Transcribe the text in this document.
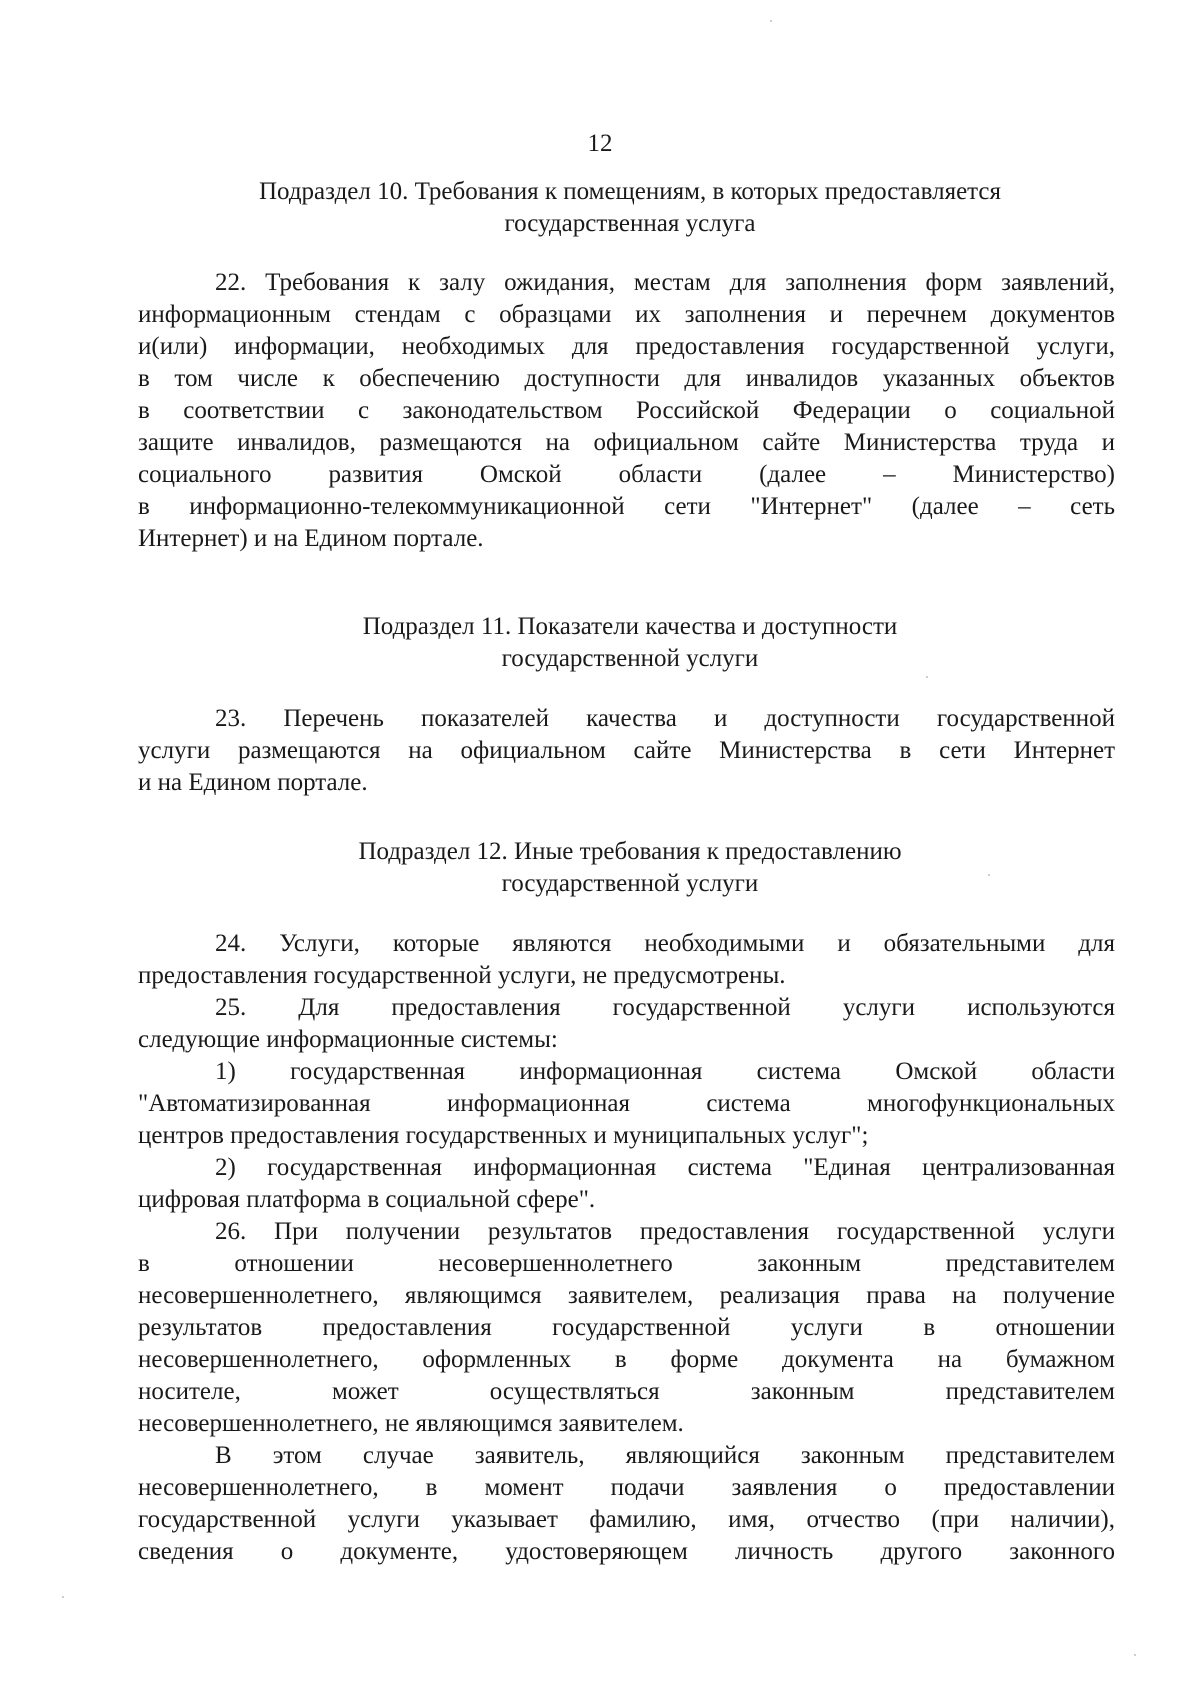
12
Подраздел 10. Требования к помещениям, в которых предоставляется
государственная услуга
22. Требования к залу ожидания, местам для заполнения форм заявлений,
информационным стендам с образцами их заполнения и перечнем документов
и(или) информации, необходимых для предоставления государственной услуги,
в том числе к обеспечению доступности для инвалидов указанных объектов
в соответствии с законодательством Российской Федерации о социальной
защите инвалидов, размещаются на официальном сайте Министерства труда и
социального развития Омской области (далее – Министерство)
в информационно-телекоммуникационной сети "Интернет" (далее – сеть
Интернет) и на Едином портале.
Подраздел 11. Показатели качества и доступности
государственной услуги
23. Перечень показателей качества и доступности государственной
услуги размещаются на официальном сайте Министерства в сети Интернет
и на Едином портале.
Подраздел 12. Иные требования к предоставлению
государственной услуги
24. Услуги, которые являются необходимыми и обязательными для
предоставления государственной услуги, не предусмотрены.
25. Для предоставления государственной услуги используются
следующие информационные системы:
1) государственная информационная система Омской области
"Автоматизированная информационная система многофункциональных
центров предоставления государственных и муниципальных услуг";
2) государственная информационная система "Единая централизованная
цифровая платформа в социальной сфере".
26. При получении результатов предоставления государственной услуги
в отношении несовершеннолетнего законным представителем
несовершеннолетнего, являющимся заявителем, реализация права на получение
результатов предоставления государственной услуги в отношении
несовершеннолетнего, оформленных в форме документа на бумажном
носителе, может осуществляться законным представителем
несовершеннолетнего, не являющимся заявителем.
В этом случае заявитель, являющийся законным представителем
несовершеннолетнего, в момент подачи заявления о предоставлении
государственной услуги указывает фамилию, имя, отчество (при наличии),
сведения о документе, удостоверяющем личность другого законного
